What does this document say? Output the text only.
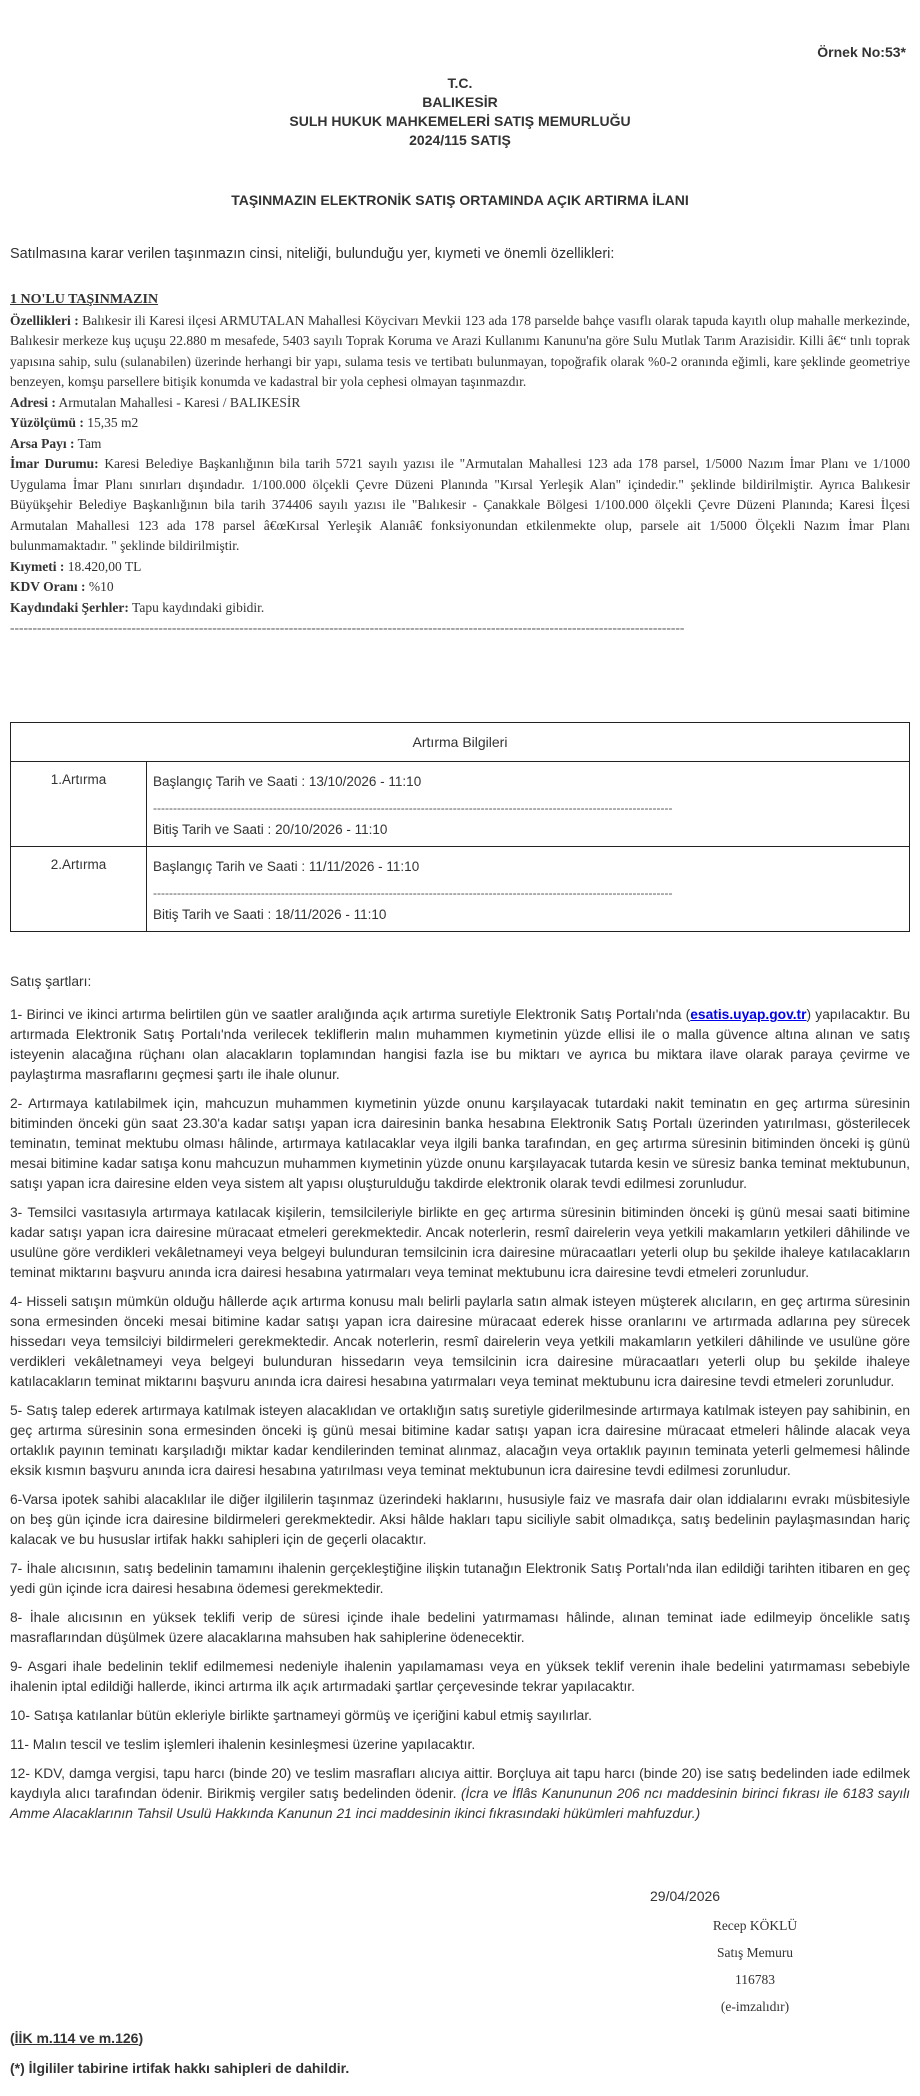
Örnek No:53*
T.C.
BALIKESİR
SULH HUKUK MAHKEMELERİ SATIŞ MEMURLUĞU
2024/115 SATIŞ
TAŞINMAZIN ELEKTRONİK SATIŞ ORTAMINDA AÇIK ARTIRMA İLANI
Satılmasına karar verilen taşınmazın cinsi, niteliği, bulunduğu yer, kıymeti ve önemli özellikleri:
1 NO'LU TAŞINMAZIN
Özellikleri : Balıkesir ili Karesi ilçesi ARMUTALAN Mahallesi Köycivarı Mevkii 123 ada 178 parselde bahçe vasıflı olarak tapuda kayıtlı olup mahalle merkezinde, Balıkesir merkeze kuş uçuşu 22.880 m mesafede, 5403 sayılı Toprak Koruma ve Arazi Kullanımı Kanunu'na göre Sulu Mutlak Tarım Arazisidir. Killi â€“ tınlı toprak yapısına sahip, sulu (sulanabilen) üzerinde herhangi bir yapı, sulama tesis ve tertibatı bulunmayan, topoğrafik olarak %0-2 oranında eğimli, kare şeklinde geometriye benzeyen, komşu parsellere bitişik konumda ve kadastral bir yola cephesi olmayan taşınmazdır.
Adresi : Armutalan Mahallesi - Karesi / BALIKESİR
Yüzölçümü : 15,35 m2
Arsa Payı : Tam
İmar Durumu: Karesi Belediye Başkanlığının bila tarih 5721 sayılı yazısı ile "Armutalan Mahallesi 123 ada 178 parsel, 1/5000 Nazım İmar Planı ve 1/1000 Uygulama İmar Planı sınırları dışındadır. 1/100.000 ölçekli Çevre Düzeni Planında "Kırsal Yerleşik Alan" içindedir." şeklinde bildirilmiştir. Ayrıca Balıkesir Büyükşehir Belediye Başkanlığının bila tarih 374406 sayılı yazısı ile "Balıkesir - Çanakkale Bölgesi 1/100.000 ölçekli Çevre Düzeni Planında; Karesi İlçesi Armutalan Mahallesi 123 ada 178 parsel â€œKırsal Yerleşik Alanıâ€ fonksiyonundan etkilenmekte olup, parsele ait 1/5000 Ölçekli Nazım İmar Planı bulunmamaktadır. " şeklinde bildirilmiştir.
Kıymeti : 18.420,00 TL
KDV Oranı : %10
Kaydındaki Şerhler: Tapu kaydındaki gibidir.
------------------------------------------------------------------------------------------------------------------------------------------------------
Artırma Bilgileri	
1.Artırma	Başlangıç Tarih ve Saati : 13/10/2026 - 11:10
----------------------------------------------------------------------------------------------------------------------------------
Bitiş Tarih ve Saati : 20/10/2026 - 11:10

2.Artırma	Başlangıç Tarih ve Saati : 11/11/2026 - 11:10
----------------------------------------------------------------------------------------------------------------------------------
Bitiş Tarih ve Saati : 18/11/2026 - 11:10

Satış şartları:

1- Birinci ve ikinci artırma belirtilen gün ve saatler aralığında açık artırma suretiyle Elektronik Satış Portalı'nda (esatis.uyap.gov.tr) yapılacaktır. Bu artırmada Elektronik Satış Portalı'nda verilecek tekliflerin malın muhammen kıymetinin yüzde ellisi ile o malla güvence altına alınan ve satış isteyenin alacağına rüçhanı olan alacakların toplamından hangisi fazla ise bu miktarı ve ayrıca bu miktara ilave olarak paraya çevirme ve paylaştırma masraflarını geçmesi şartı ile ihale olunur.

2- Artırmaya katılabilmek için, mahcuzun muhammen kıymetinin yüzde onunu karşılayacak tutardaki nakit teminatın en geç artırma süresinin bitiminden önceki gün saat 23.30'a kadar satışı yapan icra dairesinin banka hesabına Elektronik Satış Portalı üzerinden yatırılması, gösterilecek teminatın, teminat mektubu olması hâlinde, artırmaya katılacaklar veya ilgili banka tarafından, en geç artırma süresinin bitiminden önceki iş günü mesai bitimine kadar satışa konu mahcuzun muhammen kıymetinin yüzde onunu karşılayacak tutarda kesin ve süresiz banka teminat mektubunun, satışı yapan icra dairesine elden veya sistem alt yapısı oluşturulduğu takdirde elektronik olarak tevdi edilmesi zorunludur.

3- Temsilci vasıtasıyla artırmaya katılacak kişilerin, temsilcileriyle birlikte en geç artırma süresinin bitiminden önceki iş günü mesai saati bitimine kadar satışı yapan icra dairesine müracaat etmeleri gerekmektedir. Ancak noterlerin, resmî dairelerin veya yetkili makamların yetkileri dâhilinde ve usulüne göre verdikleri vekâletnameyi veya belgeyi bulunduran temsilcinin icra dairesine müracaatları yeterli olup bu şekilde ihaleye katılacakların teminat miktarını başvuru anında icra dairesi hesabına yatırmaları veya teminat mektubunu icra dairesine tevdi etmeleri zorunludur.

4- Hisseli satışın mümkün olduğu hâllerde açık artırma konusu malı belirli paylarla satın almak isteyen müşterek alıcıların, en geç artırma süresinin sona ermesinden önceki mesai bitimine kadar satışı yapan icra dairesine müracaat ederek hisse oranlarını ve artırmada adlarına pey sürecek hissedarı veya temsilciyi bildirmeleri gerekmektedir. Ancak noterlerin, resmî dairelerin veya yetkili makamların yetkileri dâhilinde ve usulüne göre verdikleri vekâletnameyi veya belgeyi bulunduran hissedarın veya temsilcinin icra dairesine müracaatları yeterli olup bu şekilde ihaleye katılacakların teminat miktarını başvuru anında icra dairesi hesabına yatırmaları veya teminat mektubunu icra dairesine tevdi etmeleri zorunludur.

5- Satış talep ederek artırmaya katılmak isteyen alacaklıdan ve ortaklığın satış suretiyle giderilmesinde artırmaya katılmak isteyen pay sahibinin, en geç artırma süresinin sona ermesinden önceki iş günü mesai bitimine kadar satışı yapan icra dairesine müracaat etmeleri hâlinde alacak veya ortaklık payının teminatı karşıladığı miktar kadar kendilerinden teminat alınmaz, alacağın veya ortaklık payının teminata yeterli gelmemesi hâlinde eksik kısmın başvuru anında icra dairesi hesabına yatırılması veya teminat mektubunun icra dairesine tevdi edilmesi zorunludur.

6-Varsa ipotek sahibi alacaklılar ile diğer ilgililerin taşınmaz üzerindeki haklarını, hususiyle faiz ve masrafa dair olan iddialarını evrakı müsbitesiyle on beş gün içinde icra dairesine bildirmeleri gerekmektedir. Aksi hâlde hakları tapu siciliyle sabit olmadıkça, satış bedelinin paylaşmasından hariç kalacak ve bu hususlar irtifak hakkı sahipleri için de geçerli olacaktır.

7- İhale alıcısının, satış bedelinin tamamını ihalenin gerçekleştiğine ilişkin tutanağın Elektronik Satış Portalı'nda ilan edildiği tarihten itibaren en geç yedi gün içinde icra dairesi hesabına ödemesi gerekmektedir.

8- İhale alıcısının en yüksek teklifi verip de süresi içinde ihale bedelini yatırmaması hâlinde, alınan teminat iade edilmeyip öncelikle satış masraflarından düşülmek üzere alacaklarına mahsuben hak sahiplerine ödenecektir.

9- Asgari ihale bedelinin teklif edilmemesi nedeniyle ihalenin yapılamaması veya en yüksek teklif verenin ihale bedelini yatırmaması sebebiyle ihalenin iptal edildiği hallerde, ikinci artırma ilk açık artırmadaki şartlar çerçevesinde tekrar yapılacaktır.

10- Satışa katılanlar bütün ekleriyle birlikte şartnameyi görmüş ve içeriğini kabul etmiş sayılırlar.

11- Malın tescil ve teslim işlemleri ihalenin kesinleşmesi üzerine yapılacaktır.

12- KDV, damga vergisi, tapu harcı (binde 20) ve teslim masrafları alıcıya aittir. Borçluya ait tapu harcı (binde 20) ise satış bedelinden iade edilmek kaydıyla alıcı tarafından ödenir. Birikmiş vergiler satış bedelinden ödenir. (İcra ve İflâs Kanununun 206 ncı maddesinin birinci fıkrası ile 6183 sayılı Amme Alacaklarının Tahsil Usulü Hakkında Kanunun 21 inci maddesinin ikinci fıkrasındaki hükümleri mahfuzdur.)

29/04/2026
Recep KÖKLÜ
Satış Memuru
116783
(e-imzalıdır)
(İİK m.114 ve m.126)
(*) İlgililer tabirine irtifak hakkı sahipleri de dahildir.
